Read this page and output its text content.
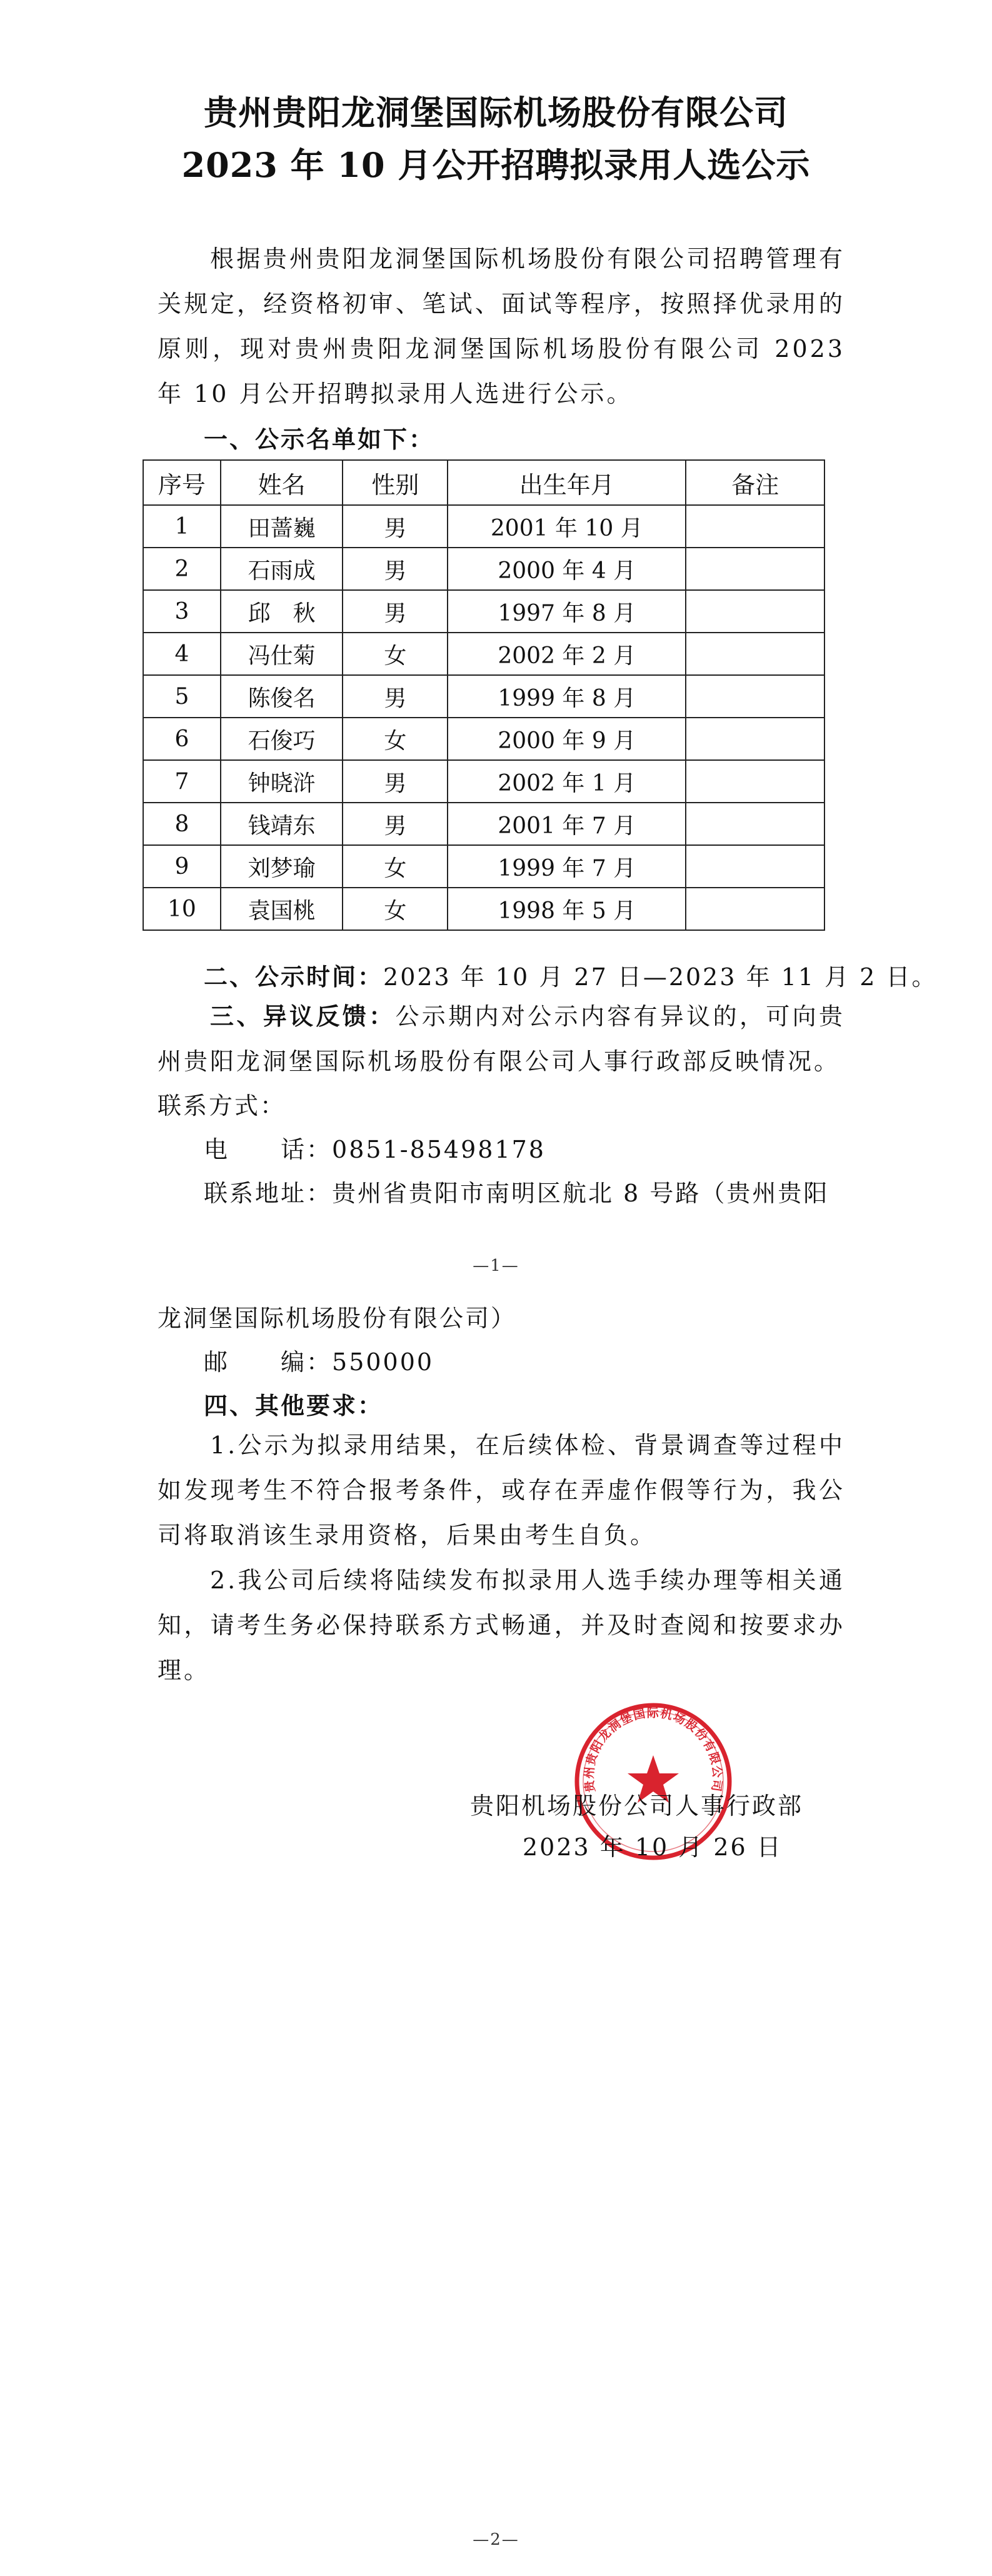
贵州贵阳龙洞堡国际机场股份有限公司
2023 年 10 月公开招聘拟录用人选公示
根据贵州贵阳龙洞堡国际机场股份有限公司招聘管理有关规定，经资格初审、笔试、面试等程序，按照择优录用的原则，现对贵州贵阳龙洞堡国际机场股份有限公司 2023 年 10 月公开招聘拟录用人选进行公示。
一、公示名单如下：
序号	姓名	性别	出生年月	备注
1	田蔷巍	男	2001 年 10 月	
2	石雨成	男	2000 年 4 月	
3	邱　秋	男	1997 年 8 月	
4	冯仕菊	女	2002 年 2 月	
5	陈俊名	男	1999 年 8 月	
6	石俊巧	女	2000 年 9 月	
7	钟晓浒	男	2002 年 1 月	
8	钱靖东	男	2001 年 7 月	
9	刘梦瑜	女	1999 年 7 月	
10	袁国桃	女	1998 年 5 月	
二、公示时间：2023 年 10 月 27 日—2023 年 11 月 2 日。
三、异议反馈：公示期内对公示内容有异议的，可向贵州贵阳龙洞堡国际机场股份有限公司人事行政部反映情况。
联系方式：
电　　话：0851-85498178
联系地址：贵州省贵阳市南明区航北 8 号路（贵州贵阳
—1—
龙洞堡国际机场股份有限公司）
邮　　编：550000
四、其他要求：
1.公示为拟录用结果，在后续体检、背景调查等过程中如发现考生不符合报考条件，或存在弄虚作假等行为，我公司将取消该生录用资格，后果由考生自负。
2.我公司后续将陆续发布拟录用人选手续办理等相关通知，请考生务必保持联系方式畅通，并及时查阅和按要求办理。
贵州贵阳龙洞堡国际机场股份有限公司
贵阳机场股份公司人事行政部
2023 年 10 月 26 日
—2—
